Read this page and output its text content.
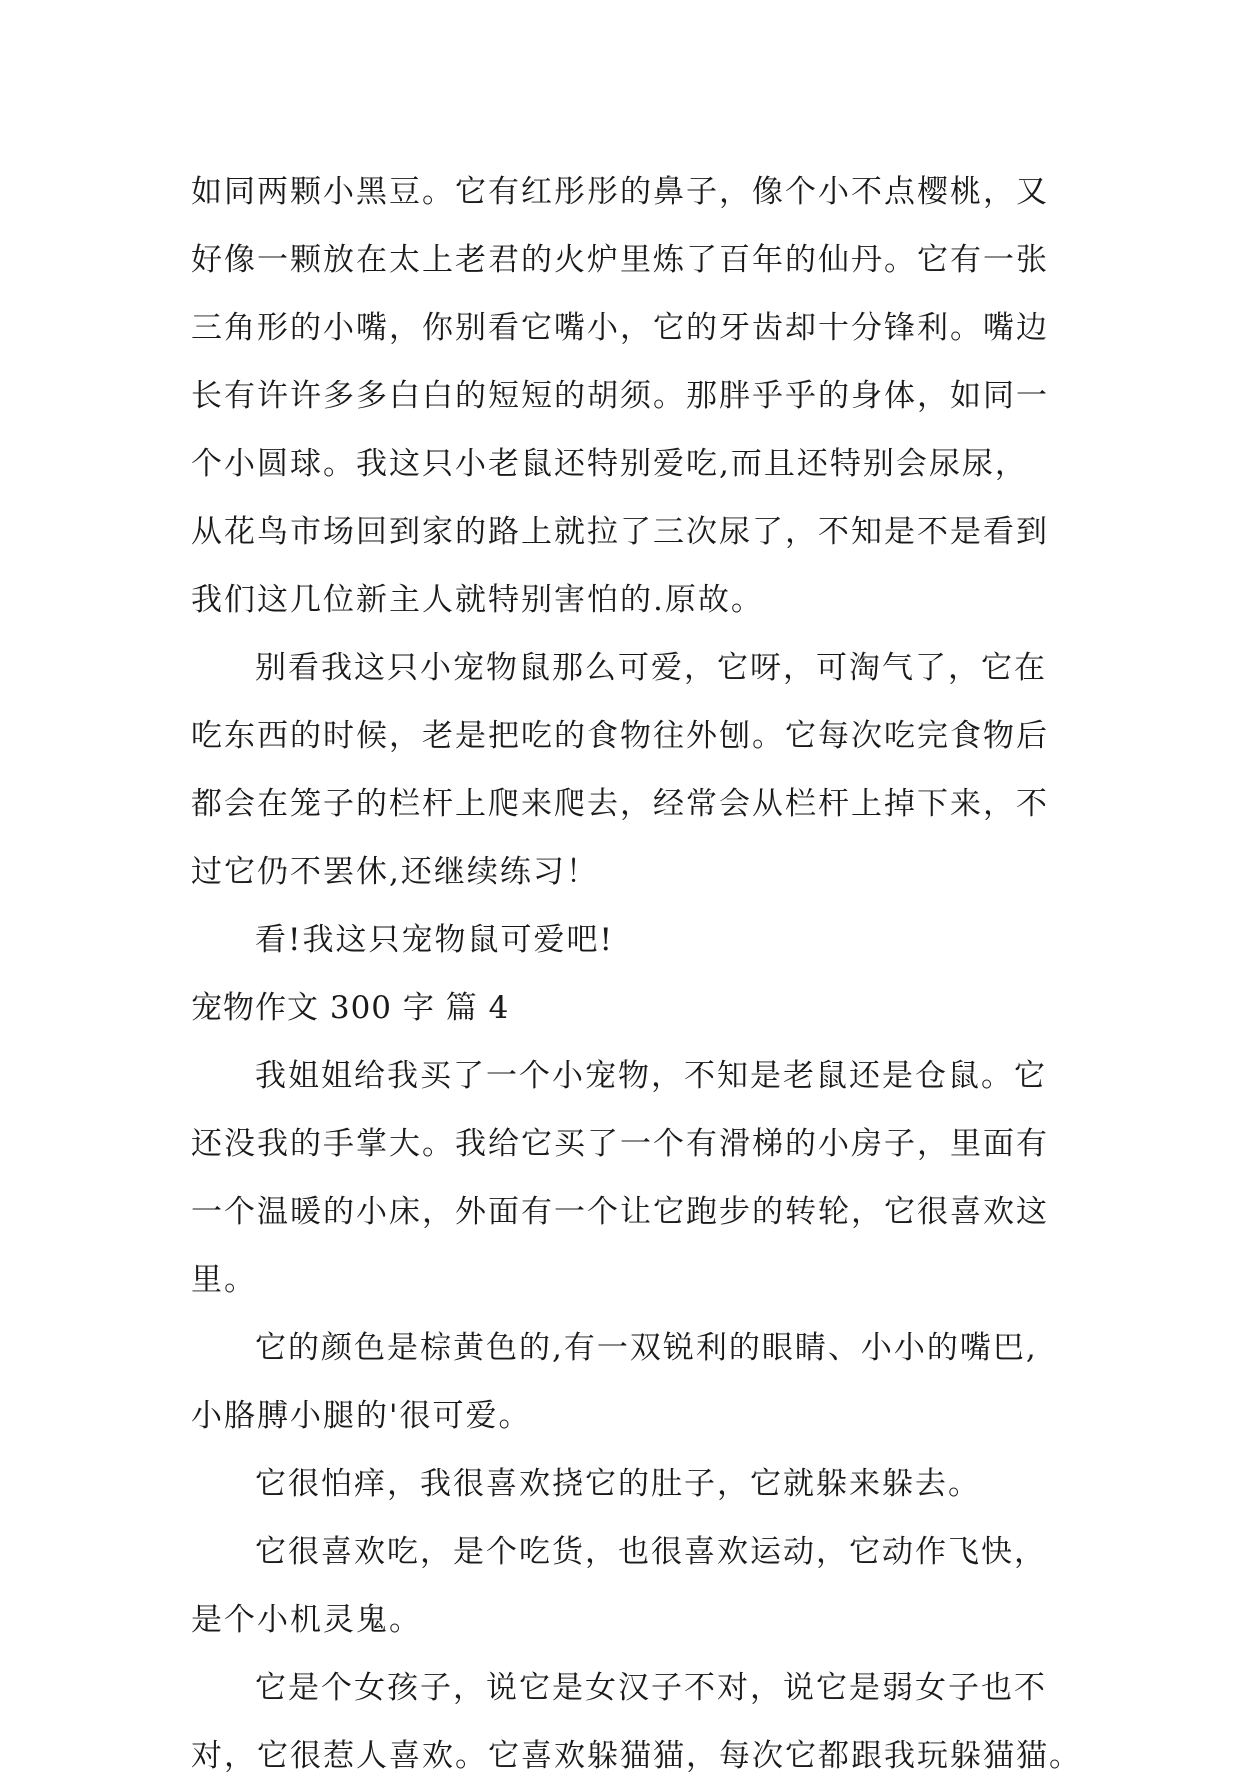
如同两颗小黑豆。它有红彤彤的鼻子，像个小不点樱桃，又
好像一颗放在太上老君的火炉里炼了百年的仙丹。它有一张
三角形的小嘴，你别看它嘴小，它的牙齿却十分锋利。嘴边
长有许许多多白白的短短的胡须。那胖乎乎的身体，如同一
个小圆球。我这只小老鼠还特别爱吃,而且还特别会尿尿，
从花鸟市场回到家的路上就拉了三次尿了，不知是不是看到
我们这几位新主人就特别害怕的.原故。
别看我这只小宠物鼠那么可爱，它呀，可淘气了，它在
吃东西的时候，老是把吃的食物往外刨。它每次吃完食物后
都会在笼子的栏杆上爬来爬去，经常会从栏杆上掉下来，不
过它仍不罢休,还继续练习！
看!我这只宠物鼠可爱吧!
宠物作文 300 字 篇 4
我姐姐给我买了一个小宠物，不知是老鼠还是仓鼠。它
还没我的手掌大。我给它买了一个有滑梯的小房子，里面有
一个温暖的小床，外面有一个让它跑步的转轮，它很喜欢这
里。
它的颜色是棕黄色的,有一双锐利的眼睛、小小的嘴巴,
小胳膊小腿的'很可爱。
它很怕痒，我很喜欢挠它的肚子，它就躲来躲去。
它很喜欢吃，是个吃货，也很喜欢运动，它动作飞快，
是个小机灵鬼。
它是个女孩子，说它是女汉子不对，说它是弱女子也不
对，它很惹人喜欢。它喜欢躲猫猫，每次它都跟我玩躲猫猫。
